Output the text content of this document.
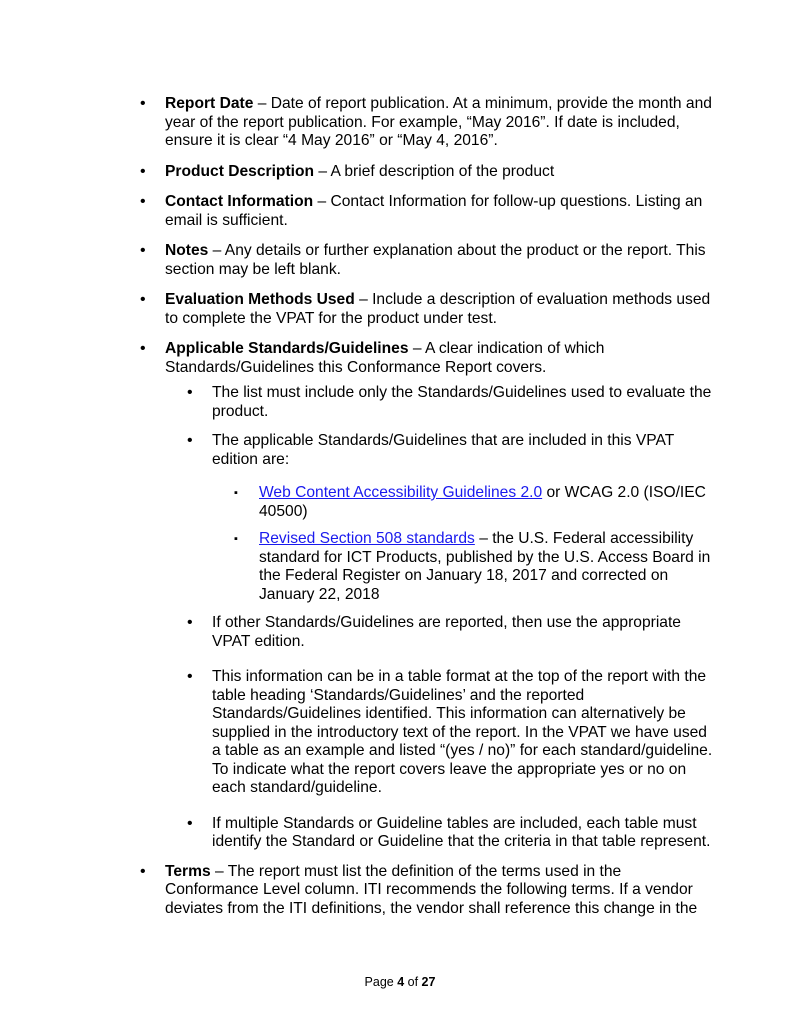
•
Report Date – Date of report publication. At a minimum, provide the month and year of the report publication. For example, “May 2016”. If date is included, ensure it is clear “4 May 2016” or “May 4, 2016”.
•
Product Description – A brief description of the product
•
Contact Information – Contact Information for follow-up questions. Listing an email is sufficient.
•
Notes – Any details or further explanation about the product or the report. This section may be left blank.
•
Evaluation Methods Used – Include a description of evaluation methods used to complete the VPAT for the product under test.
•
Applicable Standards/Guidelines – A clear indication of which Standards/Guidelines this Conformance Report covers.
•
The list must include only the Standards/Guidelines used to evaluate the product.
•
The applicable Standards/Guidelines that are included in this VPAT edition are:
▪	Web Content Accessibility Guidelines 2.0 or WCAG 2.0 (ISO/IEC 40500)
▪	Revised Section 508 standards – the U.S. Federal accessibility standard for ICT Products, published by the U.S. Access Board in the Federal Register on January 18, 2017 and corrected on January 22, 2018
•
If other Standards/Guidelines are reported, then use the appropriate VPAT edition.
•
This information can be in a table format at the top of the report with the table heading ‘Standards/Guidelines’ and the reported Standards/Guidelines identified. This information can alternatively be supplied in the introductory text of the report. In the VPAT we have used a table as an example and listed “(yes / no)” for each standard/guideline. To indicate what the report covers leave the appropriate yes or no on each standard/guideline.
•
If multiple Standards or Guideline tables are included, each table must identify the Standard or Guideline that the criteria in that table represent.
•
Terms – The report must list the definition of the terms used in the Conformance Level column. ITI recommends the following terms. If a vendor deviates from the ITI definitions, the vendor shall reference this change in the
Page 4 of 27
